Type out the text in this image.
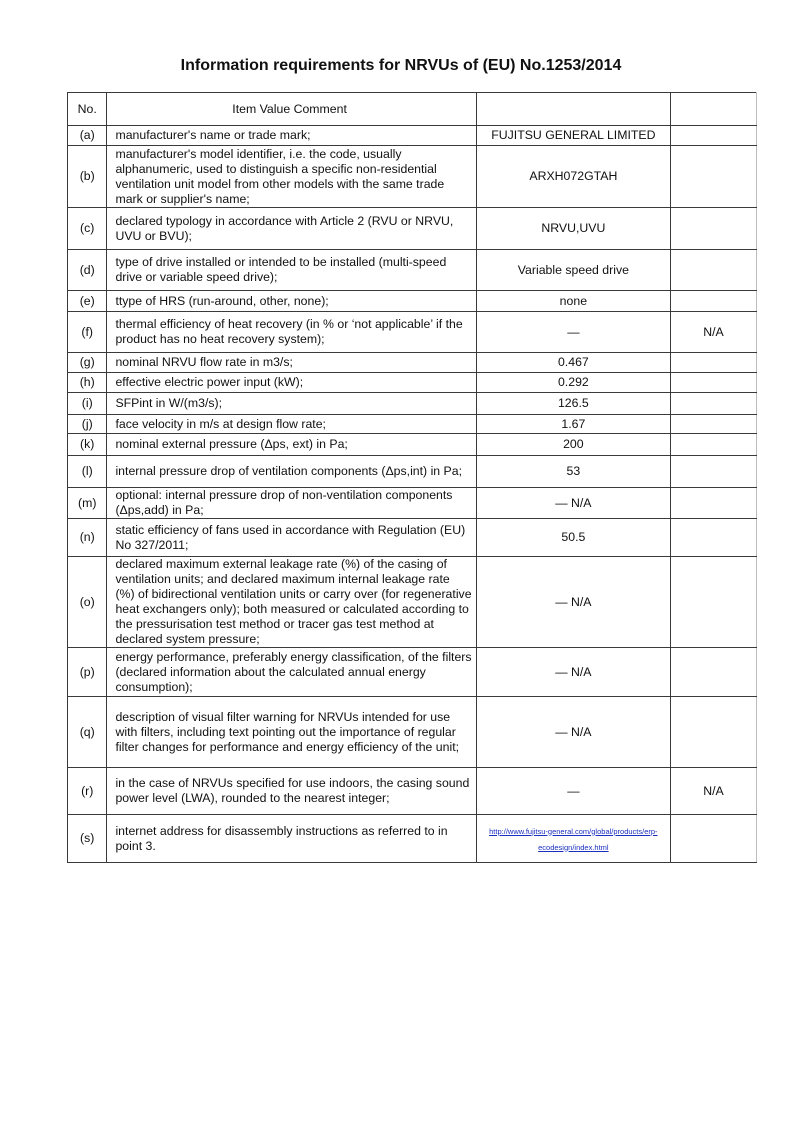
Information requirements for NRVUs of (EU) No.1253/2014
No.	Item Value Comment		
(a)	manufacturer's name or trade mark;	FUJITSU GENERAL LIMITED	
(b)	manufacturer's model identifier, i.e. the code, usually alphanumeric, used to distinguish a specific non-residential ventilation unit model from other models with the same trade mark or supplier's name;	ARXH072GTAH	
(c)	declared typology in accordance with Article 2 (RVU or NRVU, UVU or BVU);	NRVU,UVU	
(d)	type of drive installed or intended to be installed (multi-speed drive or variable speed drive);	Variable speed drive	
(e)	ttype of HRS (run-around, other, none);	none	
(f)	thermal efficiency of heat recovery (in % or ‘not applicable’ if the product has no heat recovery system);	—	N/A
(g)	nominal NRVU flow rate in m3/s;	0.467	
(h)	effective electric power input (kW);	0.292	
(i)	SFPint in W/(m3/s);	126.5	
(j)	face velocity in m/s at design flow rate;	1.67	
(k)	nominal external pressure (Δps, ext) in Pa;	200	
(l)	internal pressure drop of ventilation components (Δps,int) in Pa;	53	
(m)	optional: internal pressure drop of non-ventilation components (Δps,add) in Pa;	— N/A	
(n)	static efficiency of fans used in accordance with Regulation (EU) No 327/2011;	50.5	
(o)	declared maximum external leakage rate (%) of the casing of ventilation units; and declared maximum internal leakage rate (%) of bidirectional ventilation units or carry over (for regenerative heat exchangers only); both measured or calculated according to the pressurisation test method or tracer gas test method at declared system pressure;	— N/A	
(p)	energy performance, preferably energy classification, of the filters (declared information about the calculated annual energy consumption);	— N/A	
(q)	description of visual filter warning for NRVUs intended for use with filters, including text pointing out the importance of regular filter changes for performance and energy efficiency of the unit;	— N/A	
(r)	in the case of NRVUs specified for use indoors, the casing sound power level (LWA), rounded to the nearest integer;	—	N/A
(s)	internet address for disassembly instructions as referred to in point 3.	http://www.fujitsu-general.com/global/products/erp-ecodesign/index.html	
